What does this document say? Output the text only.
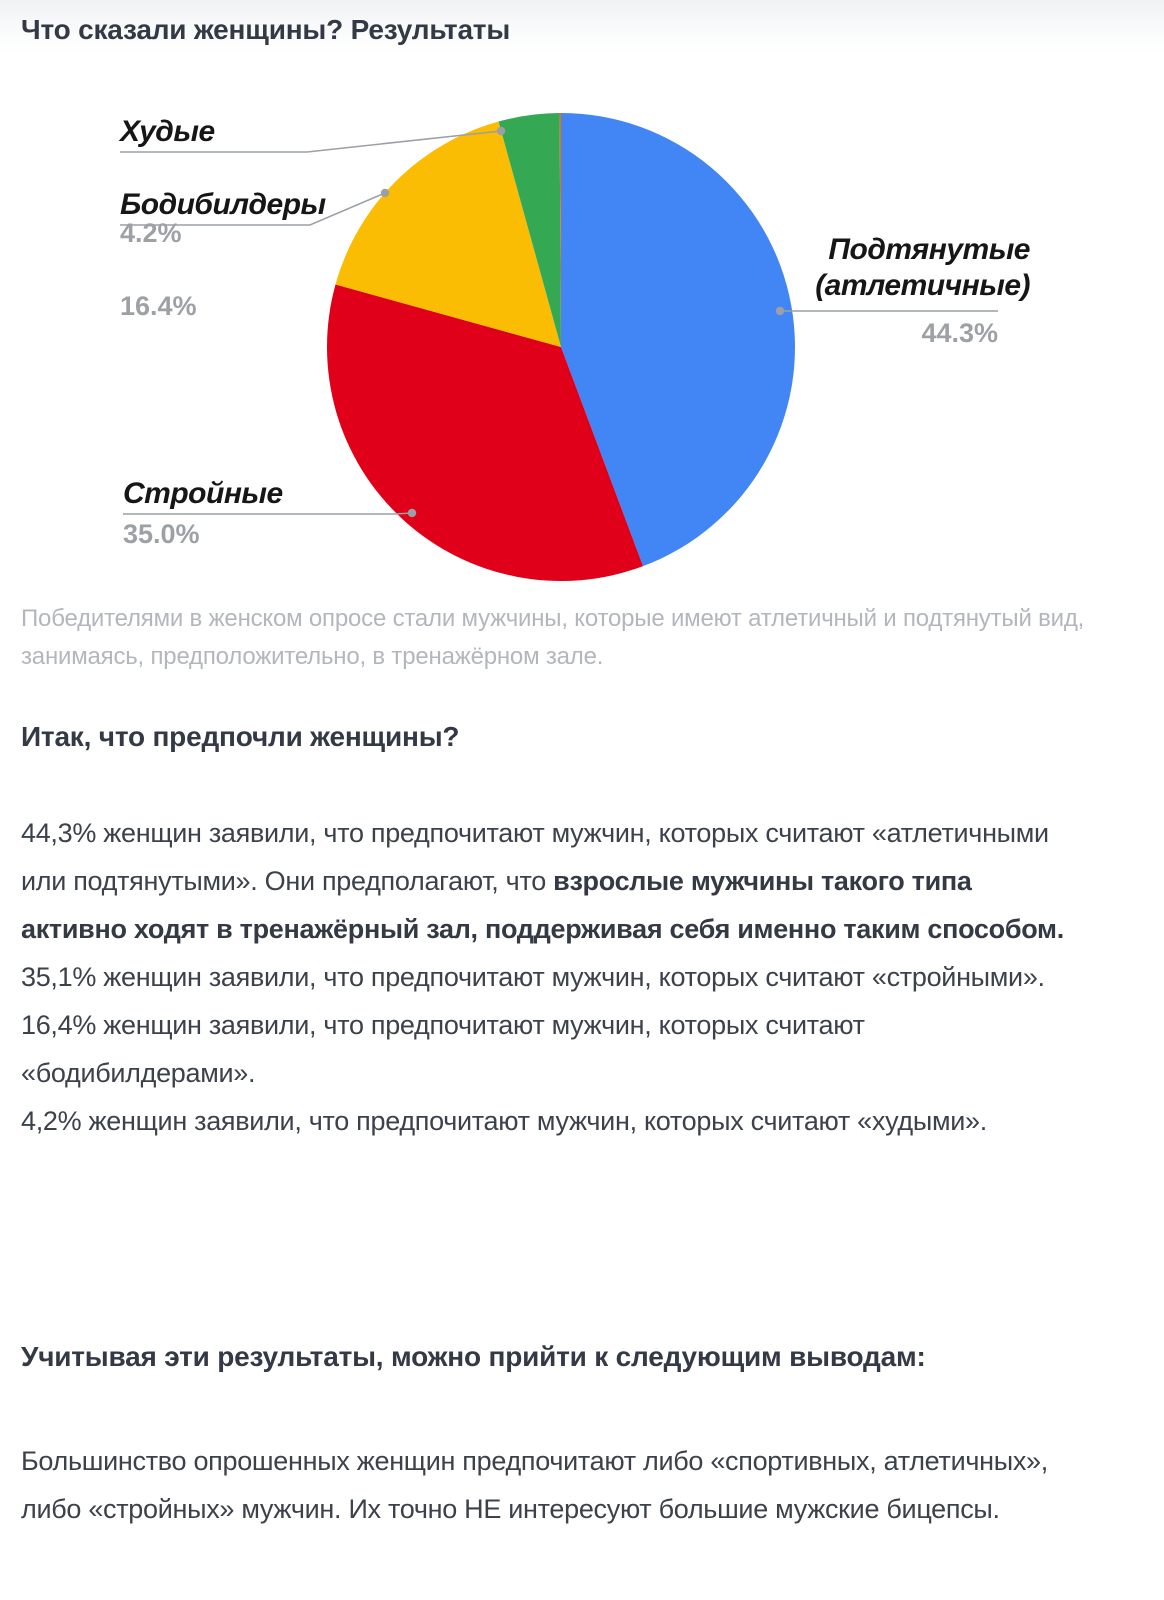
Что сказали женщины? Результаты
Худые
4.2%
Бодибилдеры
16.4%
Стройные
35.0%
Подтянутые
(атлетичные)
44.3%

Победителями в женском опросе стали мужчины, которые имеют атлетичный и подтянутый вид, занимаясь, предположительно, в тренажёрном зале.

Итак, что предпочли женщины?

44,3% женщин заявили, что предпочитают мужчин, которых считают «атлетичными или подтянутыми». Они предполагают, что взрослые мужчины такого типа активно ходят в тренажёрный зал, поддерживая себя именно таким способом.

35,1% женщин заявили, что предпочитают мужчин, которых считают «стройными».

16,4% женщин заявили, что предпочитают мужчин, которых считают «бодибилдерами».

4,2% женщин заявили, что предпочитают мужчин, которых считают «худыми».

Учитывая эти результаты, можно прийти к следующим выводам:

Большинство опрошенных женщин предпочитают либо «спортивных, атлетичных», либо «стройных» мужчин. Их точно НЕ интересуют большие мужские бицепсы.
